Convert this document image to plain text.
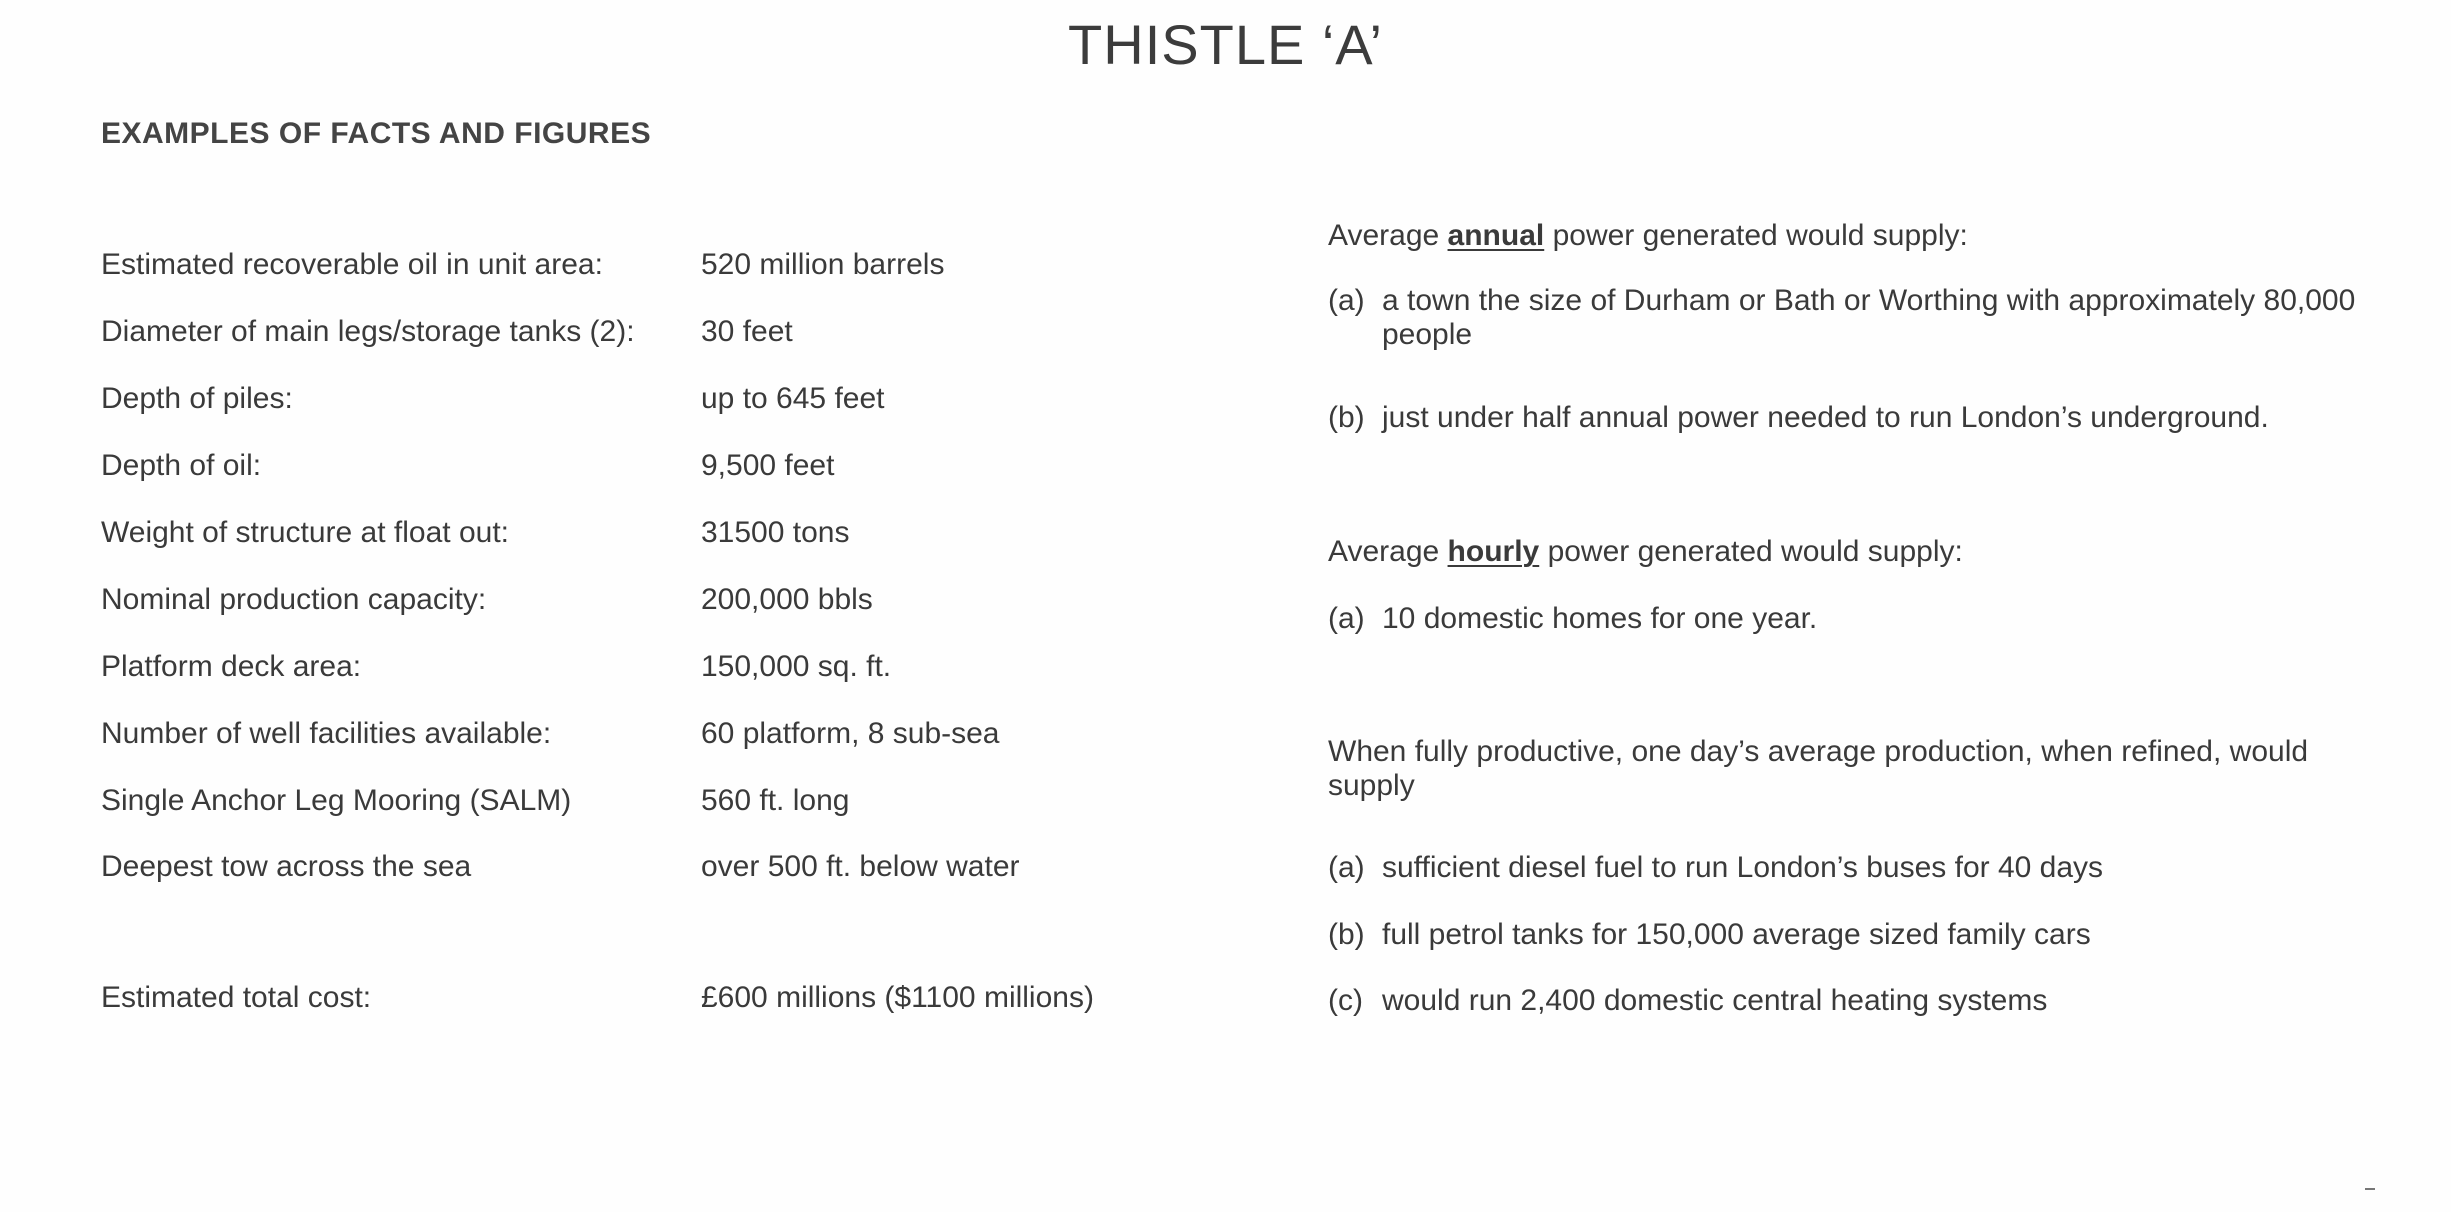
THISTLE ‘A’
EXAMPLES OF FACTS AND FIGURES
Estimated recoverable oil in unit area:	520 million barrels
Diameter of main legs/storage tanks (2): 30 feet
Depth of piles:	up to 645 feet
Depth of oil:	9,500 feet
Weight of structure at float out:	31500 tons
Nominal production capacity:	200,000 bbls
Platform deck area:	150,000 sq. ft.
Number of well facilities available:	60 platform, 8 sub-sea
Single Anchor Leg Mooring (SALM)	560 ft. long
Deepest tow across the sea	over 500 ft. below water
Estimated total cost:	£600 millions ($1100 millions)

Average annual power generated would supply:

(a) a town the size of Durham or Bath or Worthing with approximately 80,000 people

(b) just under half annual power needed to run London’s underground.

Average hourly power generated would supply:

(a) 10 domestic homes for one year.

When fully productive, one day’s average production, when refined, would supply

(a) sufficient diesel fuel to run London’s buses for 40 days

(b) full petrol tanks for 150,000 average sized family cars

(c) would run 2,400 domestic central heating systems
